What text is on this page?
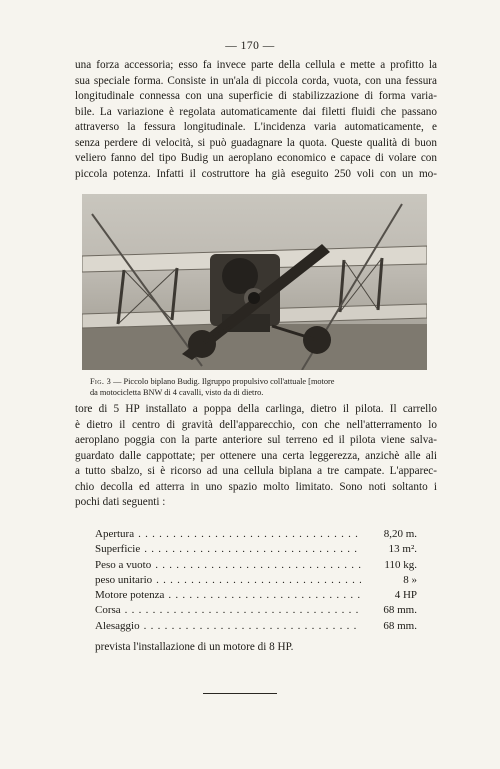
— 170 —

una forza accessoria; esso fa invece parte della cellula e mette a profitto la
sua speciale forma. Consiste in un'ala di piccola corda, vuota, con una fessura
longitudinale connessa con una superficie di stabilizzazione di forma varia-
bile. La variazione è regolata automaticamente dai filetti fluidi che passano
attraverso la fessura longitudinale. L'incidenza varia automaticamente, e
senza perdere di velocità, si può guadagnare la quota. Queste qualità di buon
veliero fanno del tipo Budig un aeroplano economico e capace di volare con
piccola potenza. Infatti il costruttore ha già eseguito 250 voli con un mo-

Fig. 3 — Piccolo biplano Budig. Ilgruppo propulsivo coll'attuale [motore
da motocicletta BNW di 4 cavalli, visto da di dietro.

tore di 5 HP installato a poppa della carlinga, dietro il pilota. Il carrello
è dietro il centro di gravità dell'apparecchio, con che nell'atterramento lo
aeroplano poggia con la parte anteriore sul terreno ed il pilota viene salva-
guardato dalle cappottate; per ottenere una certa leggerezza, anzichè alle ali
a tutto sbalzo, si è ricorso ad una cellula biplana a tre campate. L'apparec-
chio decolla ed atterra in uno spazio molto limitato. Sono noti soltanto i
pochi dati seguenti :

Apertura . . .	8,20 m.
Superficie . . .	13 m².
Peso a vuoto . . .	110 kg.
peso unitario . . .	8 »
Motore potenza . . .	4 HP
Corsa . . .	68 mm.
Alesaggio . . .	68 mm.

prevista l'installazione di un motore di 8 HP.
